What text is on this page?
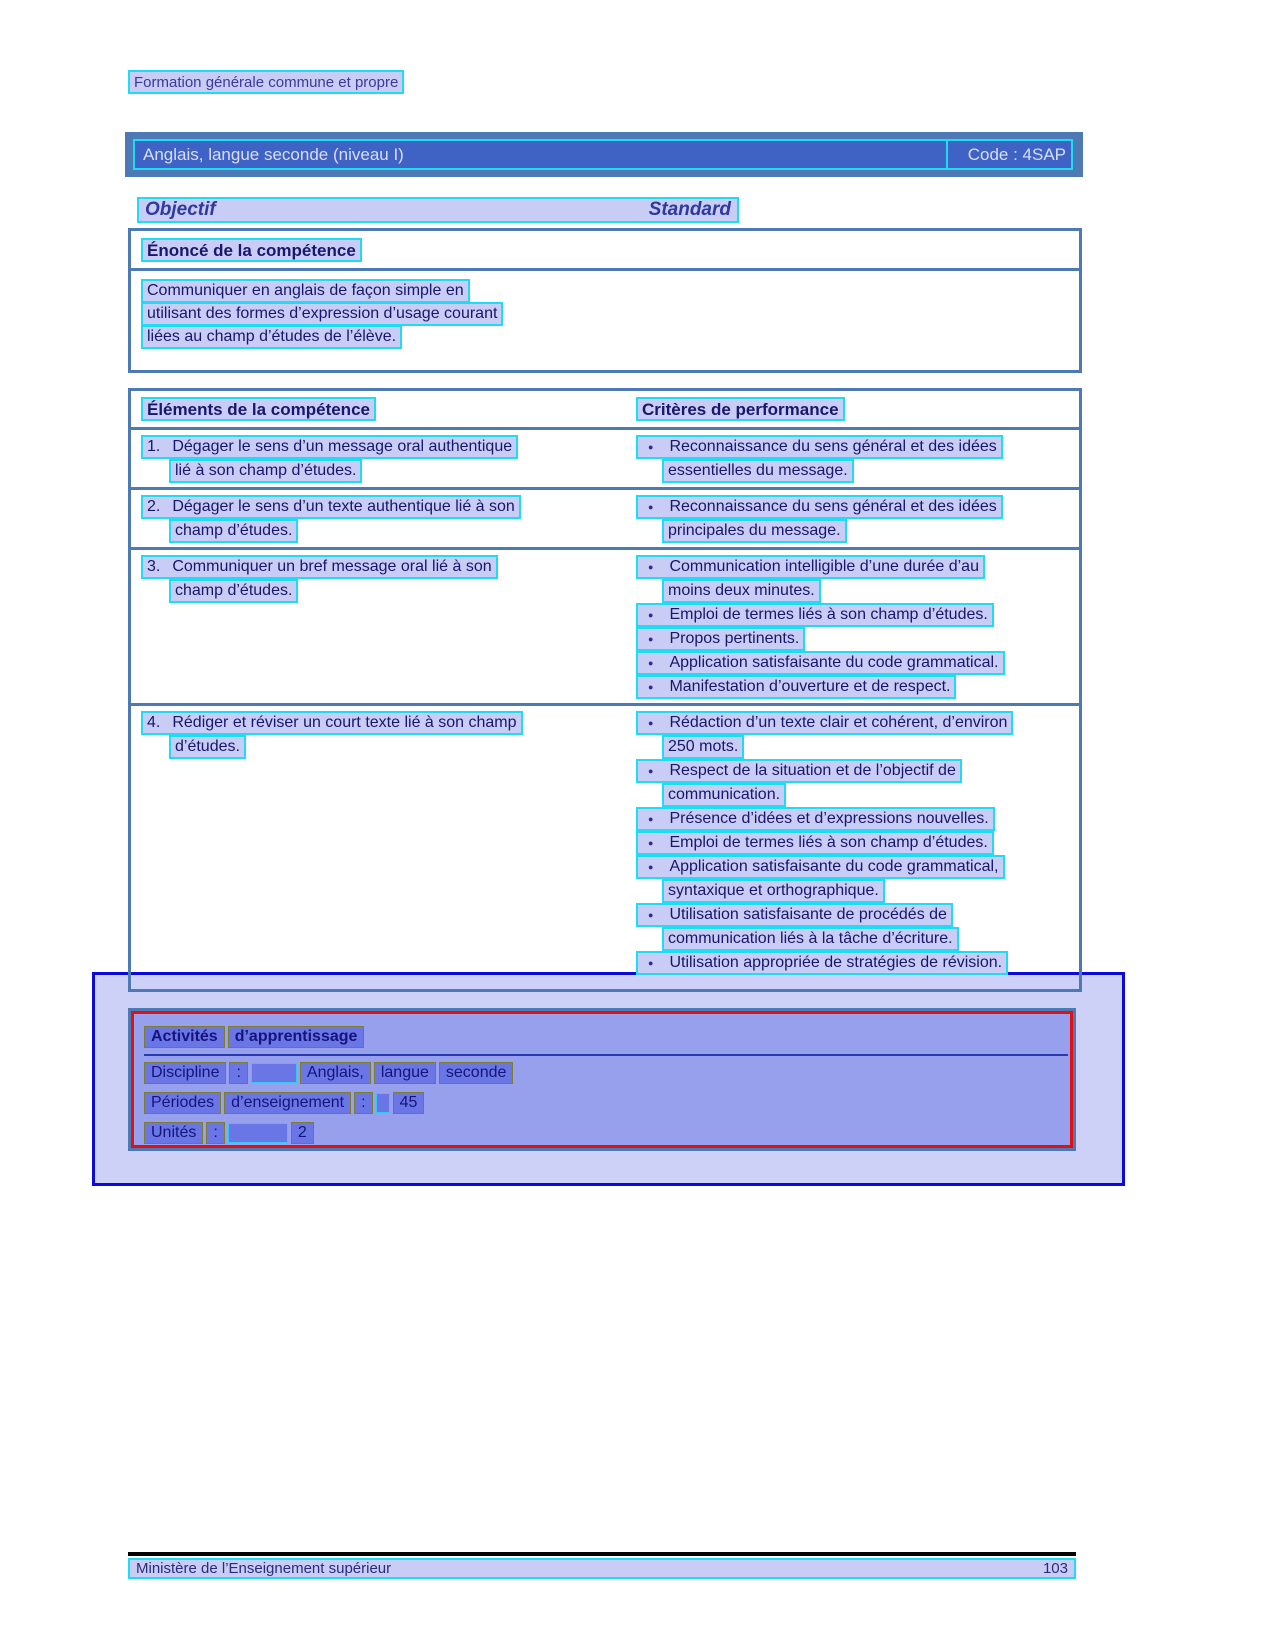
Formation générale commune et propre
Anglais, langue seconde (niveau I)	Code : 4SAP
Objectif	Standard
Énoncé de la compétence
Communiquer en anglais de façon simple en
utilisant des formes d’expression d’usage courant
liées au champ d’études de l’élève.
Éléments de la compétence	Critères de performance
1. Dégager le sens d’un message oral authentique
lié à son champ d’études.
● Reconnaissance du sens général et des idées
essentielles du message.
2. Dégager le sens d’un texte authentique lié à son
champ d’études.
● Reconnaissance du sens général et des idées
principales du message.
3. Communiquer un bref message oral lié à son
champ d’études.
● Communication intelligible d’une durée d’au
moins deux minutes.
● Emploi de termes liés à son champ d’études.
● Propos pertinents.
● Application satisfaisante du code grammatical.
● Manifestation d’ouverture et de respect.
4. Rédiger et réviser un court texte lié à son champ
d’études.
● Rédaction d’un texte clair et cohérent, d’environ
250 mots.
● Respect de la situation et de l’objectif de
communication.
● Présence d’idées et d’expressions nouvelles.
● Emploi de termes liés à son champ d’études.
● Application satisfaisante du code grammatical,
syntaxique et orthographique.
● Utilisation satisfaisante de procédés de
communication liés à la tâche d’écriture.
● Utilisation appropriée de stratégies de révision.
Activités	d’apprentissage
Discipline	:	Anglais,	langue	seconde
Périodes	d’enseignement	:	45
Unités	:	2
Ministère de l’Enseignement supérieur	103
